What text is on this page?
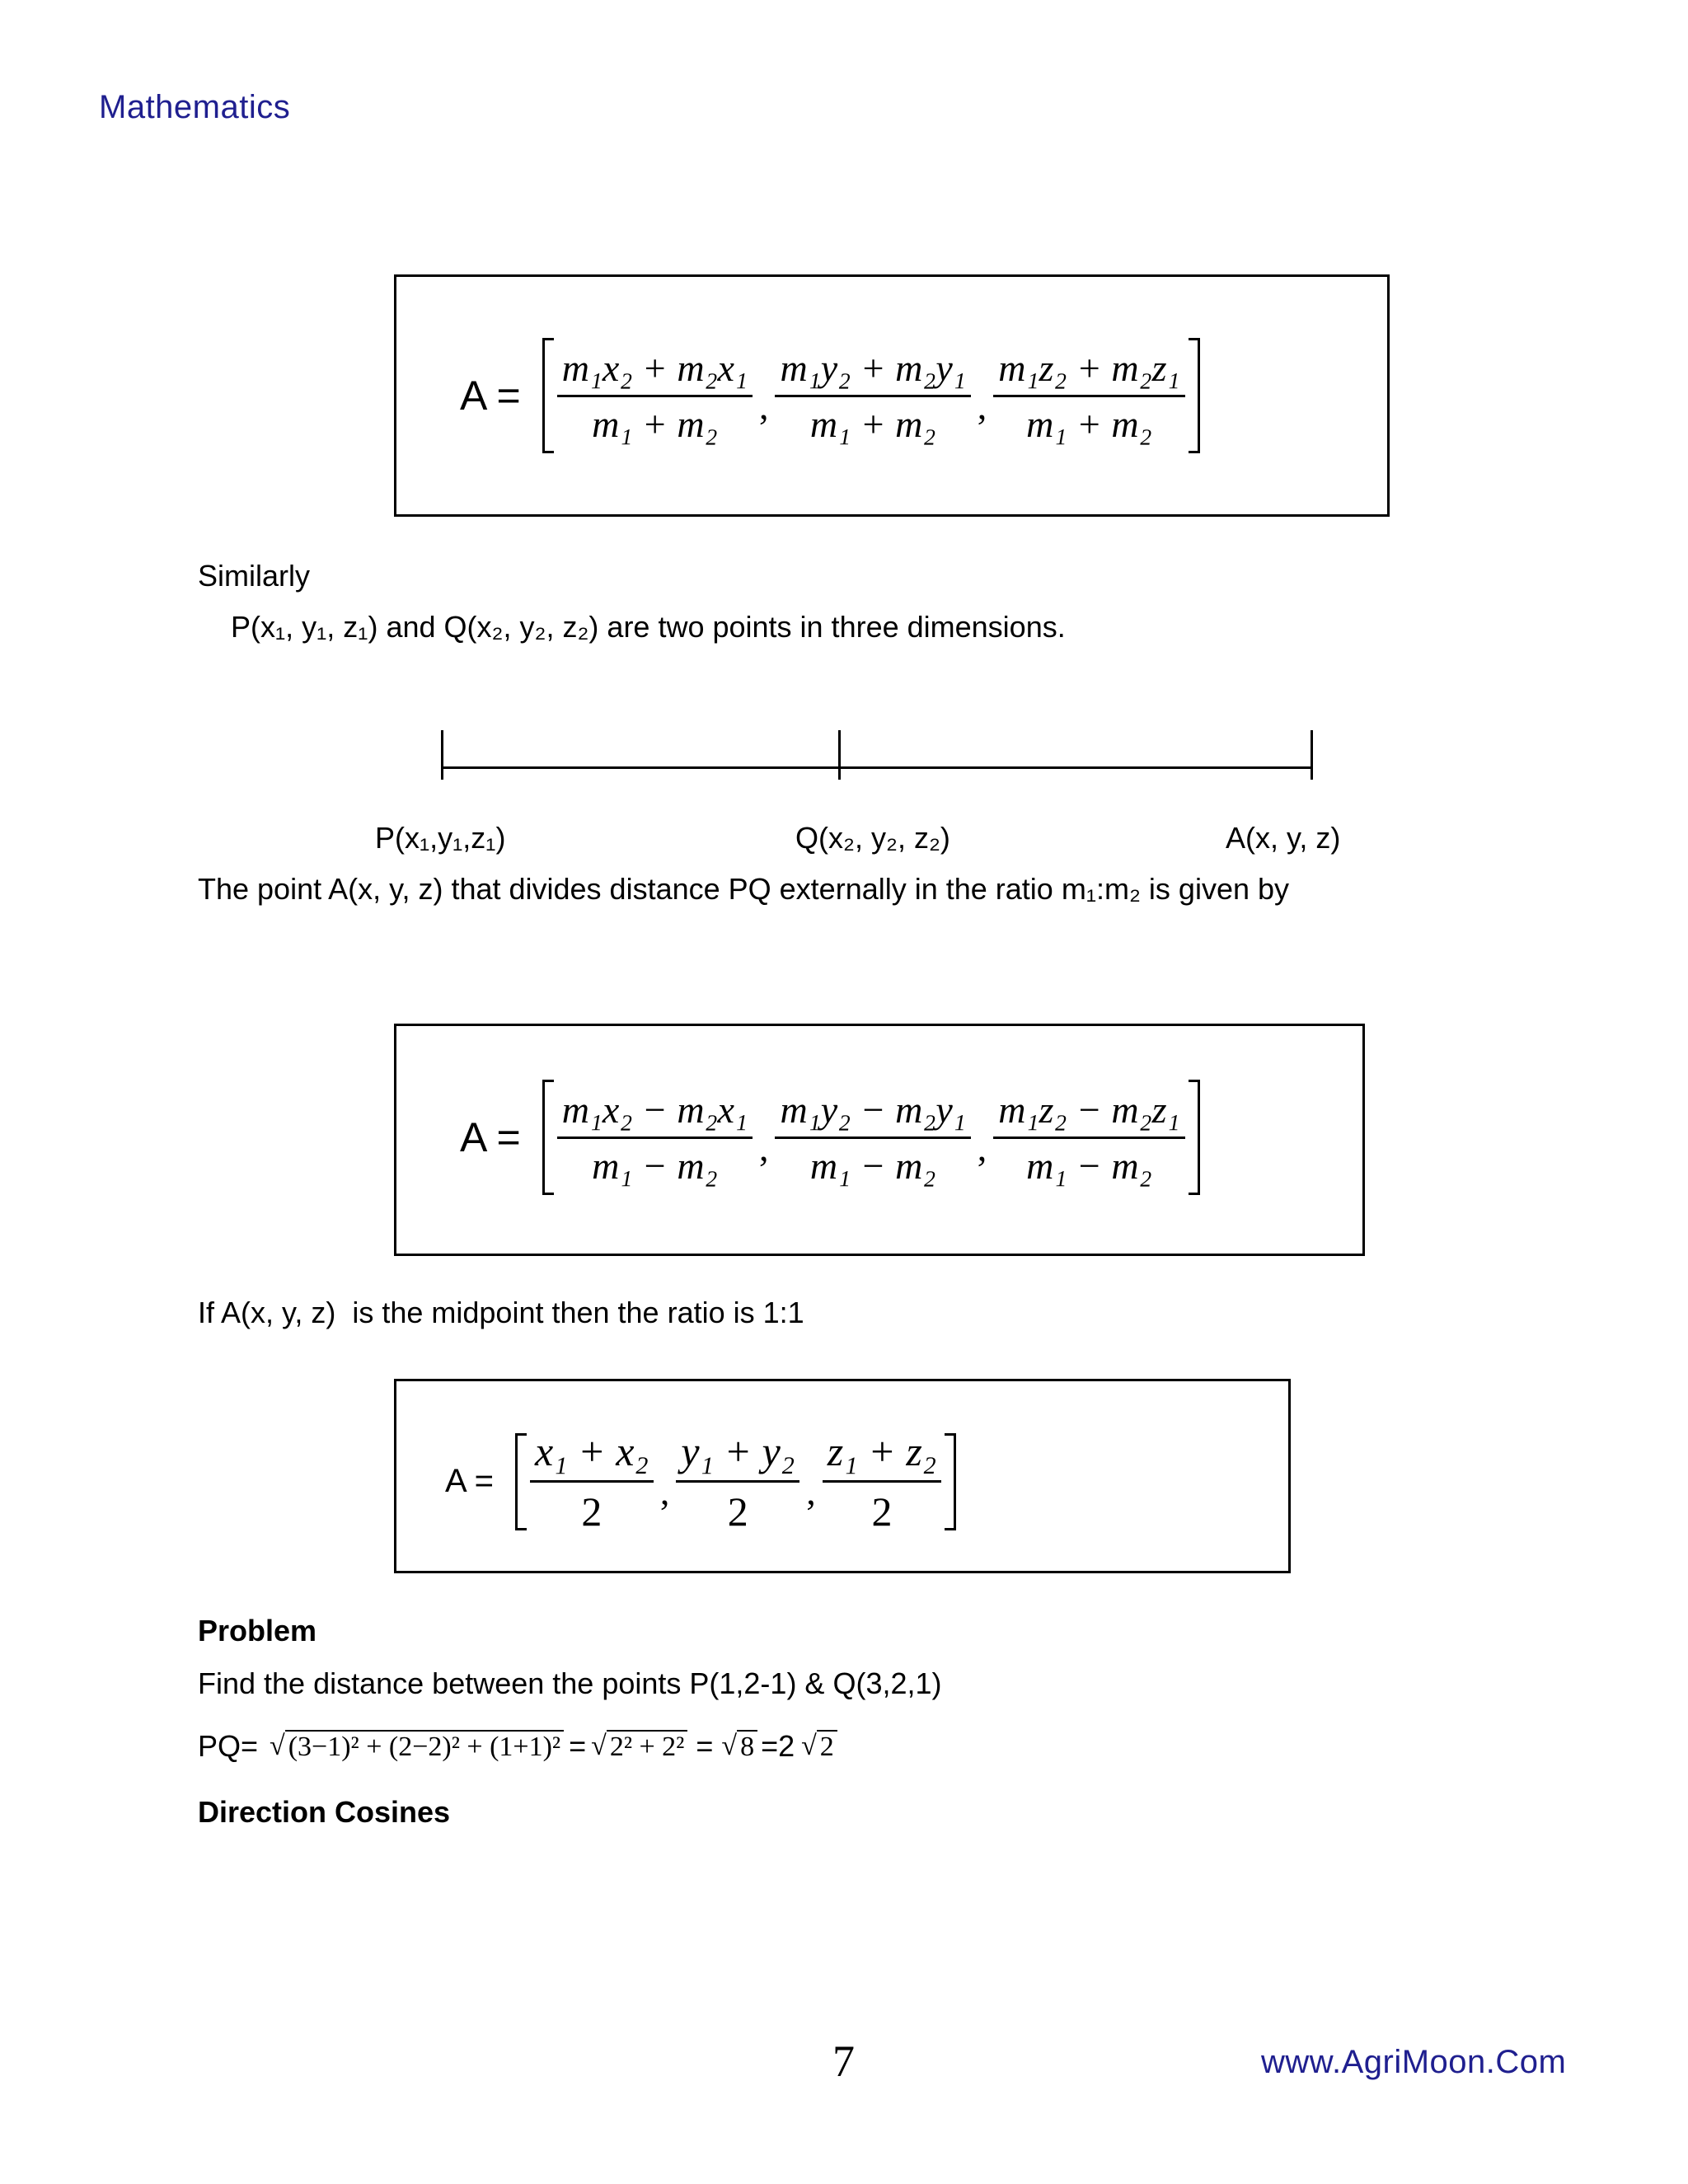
Mathematics
$A = \frac{\text{m₁x₂ + m₂x₁}}{\text{m₁ + m₂}}$ , $\frac{\text{m₁y₂ + m₂y₁}}{\text{m₁ + m₂}}$ , $\frac{\text{m₁z₂ + m₂z₁}}{\text{m₁ + m₂}}$
Similarly
P(x₁, y₁, z₁) and Q(x₂, y₂, z₂) are two points in three dimensions.
P(x₁,y₁,z₁)	Q(x₂, y₂, z₂)	A(x, y, z)
The point A(x, y, z) that divides distance PQ externally in the ratio m₁:m₂ is given by
$A = \frac{\text{m₁x₂ − m₂x₁}}{\text{m₁ − m₂}}$ , $\frac{\text{m₁y₂ − m₂y₁}}{\text{m₁ − m₂}}$ , $\frac{\text{m₁z₂ − m₂z₁}}{\text{m₁ − m₂}}$
If A(x, y, z)  is the midpoint then the ratio is 1:1
$A = \frac{\text{x₁ + x₂}}{2}$ , $\frac{\text{y₁ + y₂}}{2}$ , $\frac{\text{z₁ + z₂}}{2}$
Problem
Find the distance between the points P(1,2-1) & Q(3,2,1)
PQ= √ (3−1)² + (2−2)² + (1+1)² = √ 2² + 2² = √ 8 =2 √ 2
Direction Cosines
7	www.AgriMoon.Com
